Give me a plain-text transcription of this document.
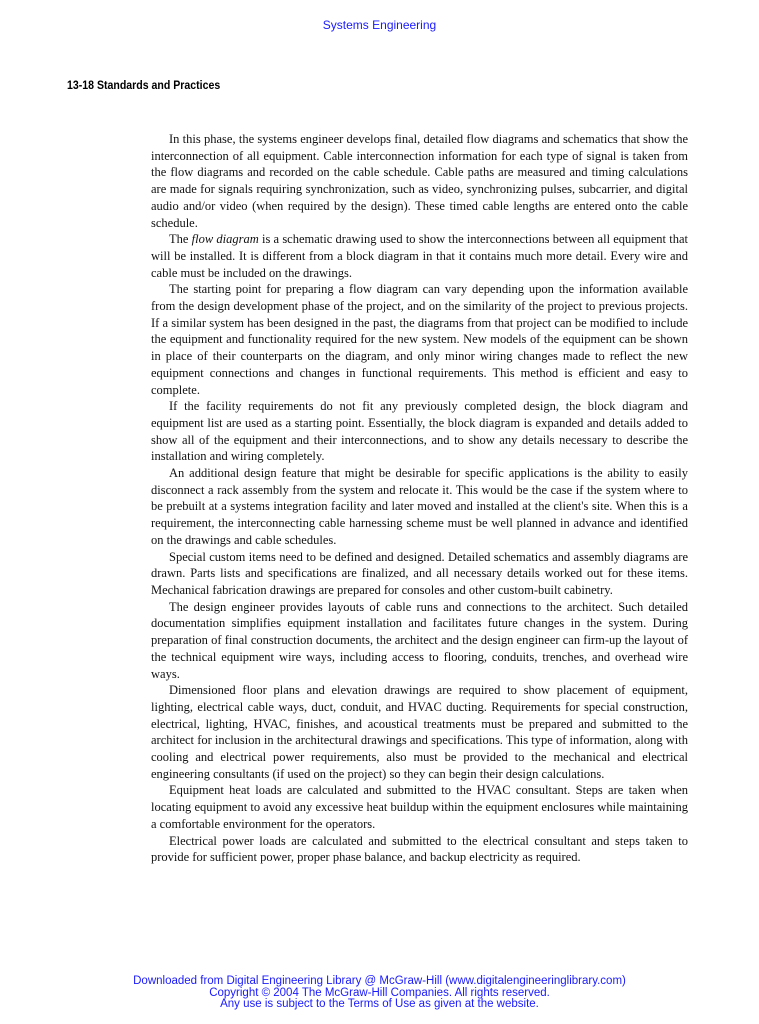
Systems Engineering
13-18 Standards and Practices

In this phase, the systems engineer develops final, detailed flow diagrams and schematics that show the interconnection of all equipment. Cable interconnection information for each type of signal is taken from the flow diagrams and recorded on the cable schedule. Cable paths are measured and timing calculations are made for signals requiring synchronization, such as video, synchronizing pulses, subcarrier, and digital audio and/or video (when required by the design). These timed cable lengths are entered onto the cable schedule.

The flow diagram is a schematic drawing used to show the interconnections between all equipment that will be installed. It is different from a block diagram in that it contains much more detail. Every wire and cable must be included on the drawings.

The starting point for preparing a flow diagram can vary depending upon the information available from the design development phase of the project, and on the similarity of the project to previous projects. If a similar system has been designed in the past, the diagrams from that project can be modified to include the equipment and functionality required for the new system. New models of the equipment can be shown in place of their counterparts on the diagram, and only minor wiring changes made to reflect the new equipment connections and changes in functional requirements. This method is efficient and easy to complete.

If the facility requirements do not fit any previously completed design, the block diagram and equipment list are used as a starting point. Essentially, the block diagram is expanded and details added to show all of the equipment and their interconnections, and to show any details necessary to describe the installation and wiring completely.

An additional design feature that might be desirable for specific applications is the ability to easily disconnect a rack assembly from the system and relocate it. This would be the case if the system where to be prebuilt at a systems integration facility and later moved and installed at the client's site. When this is a requirement, the interconnecting cable harnessing scheme must be well planned in advance and identified on the drawings and cable schedules.

Special custom items need to be defined and designed. Detailed schematics and assembly diagrams are drawn. Parts lists and specifications are finalized, and all necessary details worked out for these items. Mechanical fabrication drawings are prepared for consoles and other custom-built cabinetry.

The design engineer provides layouts of cable runs and connections to the architect. Such detailed documentation simplifies equipment installation and facilitates future changes in the system. During preparation of final construction documents, the architect and the design engineer can firm-up the layout of the technical equipment wire ways, including access to flooring, conduits, trenches, and overhead wire ways.

Dimensioned floor plans and elevation drawings are required to show placement of equipment, lighting, electrical cable ways, duct, conduit, and HVAC ducting. Requirements for special construction, electrical, lighting, HVAC, finishes, and acoustical treatments must be prepared and submitted to the architect for inclusion in the architectural drawings and specifications. This type of information, along with cooling and electrical power requirements, also must be provided to the mechanical and electrical engineering consultants (if used on the project) so they can begin their design calculations.

Equipment heat loads are calculated and submitted to the HVAC consultant. Steps are taken when locating equipment to avoid any excessive heat buildup within the equipment enclosures while maintaining a comfortable environment for the operators.

Electrical power loads are calculated and submitted to the electrical consultant and steps taken to provide for sufficient power, proper phase balance, and backup electricity as required.

Downloaded from Digital Engineering Library @ McGraw-Hill (www.digitalengineeringlibrary.com)
Copyright © 2004 The McGraw-Hill Companies. All rights reserved.
Any use is subject to the Terms of Use as given at the website.
